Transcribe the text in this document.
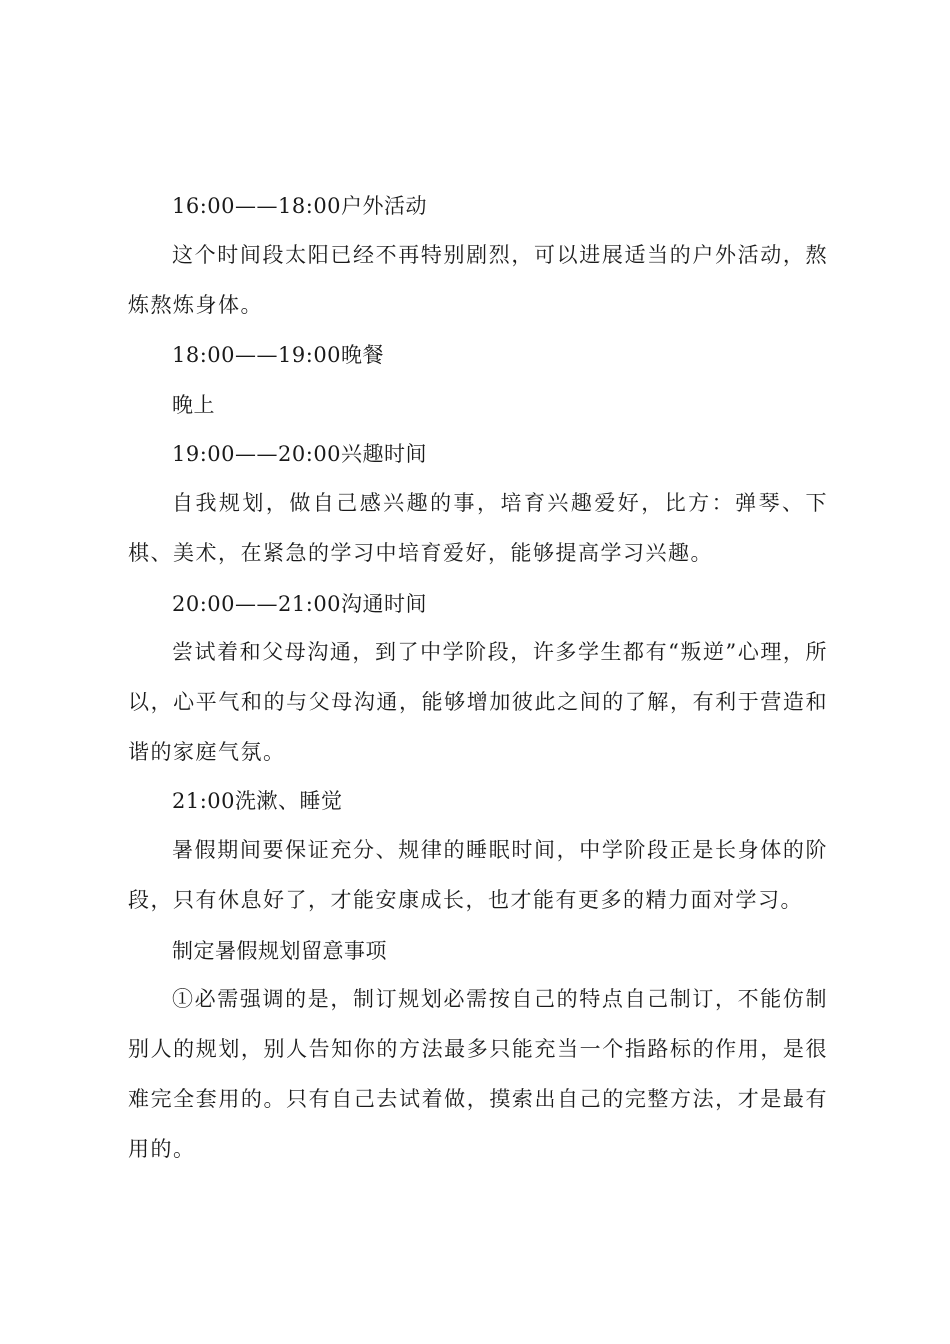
16:00——18:00户外活动

这个时间段太阳已经不再特别剧烈，可以进展适当的户外活动，熬炼熬炼身体。

18:00——19:00晚餐

晚上

19:00——20:00兴趣时间

自我规划，做自己感兴趣的事，培育兴趣爱好，比方：弹琴、下棋、美术，在紧急的学习中培育爱好，能够提高学习兴趣。

20:00——21:00沟通时间

尝试着和父母沟通，到了中学阶段，许多学生都有“叛逆”心理，所以，心平气和的与父母沟通，能够增加彼此之间的了解，有利于营造和谐的家庭气氛。

21:00洗漱、睡觉

暑假期间要保证充分、规律的睡眠时间，中学阶段正是长身体的阶段，只有休息好了，才能安康成长，也才能有更多的精力面对学习。

制定暑假规划留意事项

①必需强调的是，制订规划必需按自己的特点自己制订，不能仿制别人的规划，别人告知你的方法最多只能充当一个指路标的作用，是很难完全套用的。只有自己去试着做，摸索出自己的完整方法，才是最有用的。
